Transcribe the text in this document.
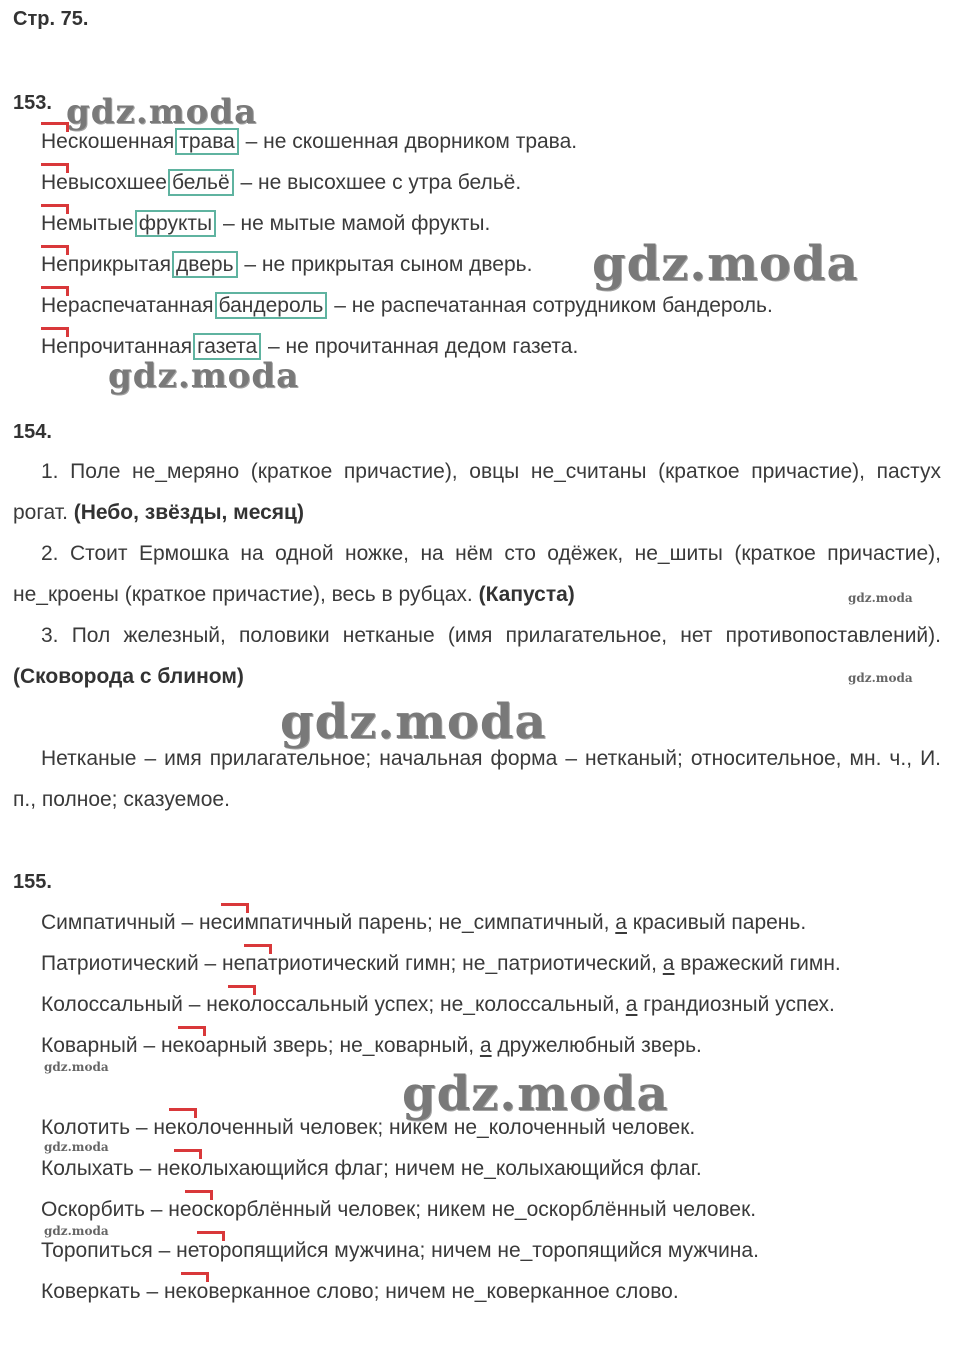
Стр. 75.
153.
Нескошенная трава – не скошенная дворником трава.
Невысохшее бельё – не высохшее с утра бельё.
Немытые фрукты – не мытые мамой фрукты.
Неприкрытая дверь – не прикрытая сыном дверь.
Нераспечатанная бандероль – не распечатанная сотрудником бандероль.
Непрочитанная газета – не прочитанная дедом газета.
154.
1. Поле не_меряно (краткое причастие), овцы не_считаны (краткое причастие), пастух рогат. (Небо, звёзды, месяц)
2. Стоит Ермошка на одной ножке, на нём сто одёжек, не_шиты (краткое причастие), не_кроены (краткое причастие), весь в рубцах. (Капуста)
3. Пол железный, половики нетканые (имя прилагательное, нет противопоставлений). (Сковорода с блином)
Нетканые – имя прилагательное; начальная форма – нетканый; относительное, мн. ч., И. п., полное; сказуемое.
155.
Симпатичный – несимпатичный парень; не_симпатичный, а красивый парень.
Патриотический – непатриотический гимн; не_патриотический, а вражеский гимн.
Колоссальный – неколоссальный успех; не_колоссальный, а грандиозный успех.
Коварный – некоарный зверь; не_коварный, а дружелюбный зверь.
Колотить – неколоченный человек; никем не_колоченный человек.
Колыхать – неколыхающийся флаг; ничем не_колыхающийся флаг.
Оскорбить – неоскорблённый человек; никем не_оскорблённый человек.
Торопиться – неторопящийся мужчина; ничем не_торопящийся мужчина.
Коверкать – нековерканное слово; ничем не_коверканное слово.
gdz.moda
gdz.moda
gdz.moda
gdz.moda
gdz.moda
gdz.moda
gdz.moda	gdz.moda
gdz.moda
gdz.moda
